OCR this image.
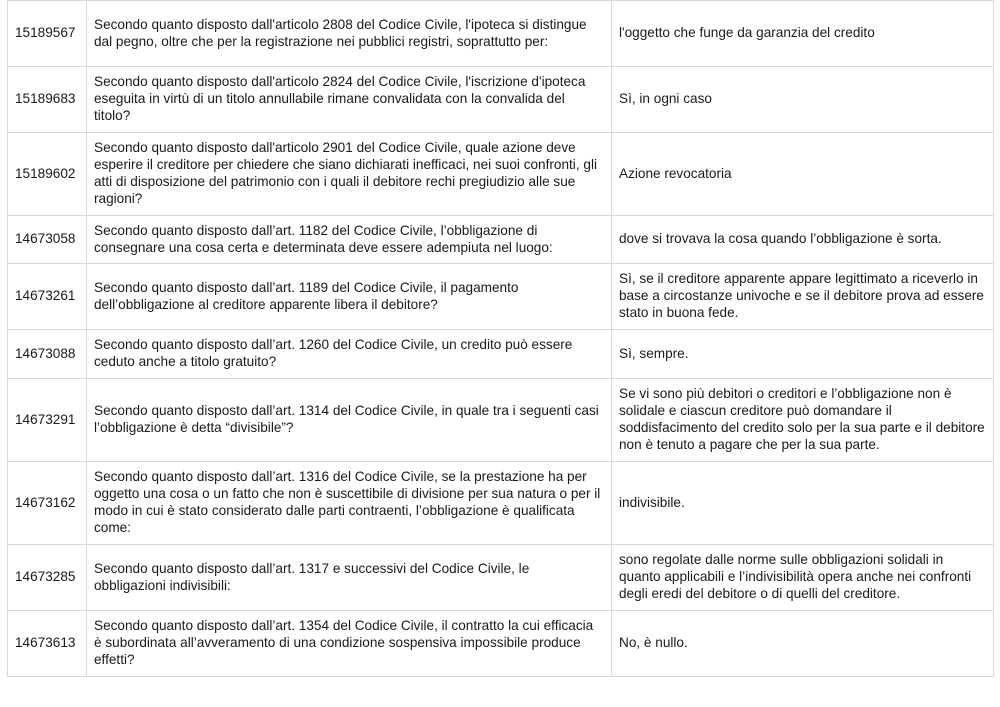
15189567	Secondo quanto disposto dall'articolo 2808 del Codice Civile, l'ipoteca si distingue dal pegno, oltre che per la registrazione nei pubblici registri, soprattutto per:	l'oggetto che funge da garanzia del credito
15189683	Secondo quanto disposto dall'articolo 2824 del Codice Civile, l'iscrizione d'ipoteca eseguita in virtù di un titolo annullabile rimane convalidata con la convalida del titolo?	Sì, in ogni caso
15189602	Secondo quanto disposto dall'articolo 2901 del Codice Civile, quale azione deve esperire il creditore per chiedere che siano dichiarati inefficaci, nei suoi confronti, gli atti di disposizione del patrimonio con i quali il debitore rechi pregiudizio alle sue ragioni?	Azione revocatoria
14673058	Secondo quanto disposto dall’art. 1182 del Codice Civile, l’obbligazione di consegnare una cosa certa e determinata deve essere adempiuta nel luogo:	dove si trovava la cosa quando l’obbligazione è sorta.
14673261	Secondo quanto disposto dall’art. 1189 del Codice Civile, il pagamento dell’obbligazione al creditore apparente libera il debitore?	Sì, se il creditore apparente appare legittimato a riceverlo in base a circostanze univoche e se il debitore prova ad essere stato in buona fede.
14673088	Secondo quanto disposto dall’art. 1260 del Codice Civile, un credito può essere ceduto anche a titolo gratuito?	Sì, sempre.
14673291	Secondo quanto disposto dall’art. 1314 del Codice Civile, in quale tra i seguenti casi l’obbligazione è detta “divisibile”?	Se vi sono più debitori o creditori e l’obbligazione non è solidale e ciascun creditore può domandare il soddisfacimento del credito solo per la sua parte e il debitore non è tenuto a pagare che per la sua parte.
14673162	Secondo quanto disposto dall’art. 1316 del Codice Civile, se la prestazione ha per oggetto una cosa o un fatto che non è suscettibile di divisione per sua natura o per il modo in cui è stato considerato dalle parti contraenti, l’obbligazione è qualificata come:	indivisibile.
14673285	Secondo quanto disposto dall’art. 1317 e successivi del Codice Civile, le obbligazioni indivisibili:	sono regolate dalle norme sulle obbligazioni solidali in quanto applicabili e l’indivisibilità opera anche nei confronti degli eredi del debitore o di quelli del creditore.
14673613	Secondo quanto disposto dall’art. 1354 del Codice Civile, il contratto la cui efficacia è subordinata all’avveramento di una condizione sospensiva impossibile produce effetti?	No, è nullo.
